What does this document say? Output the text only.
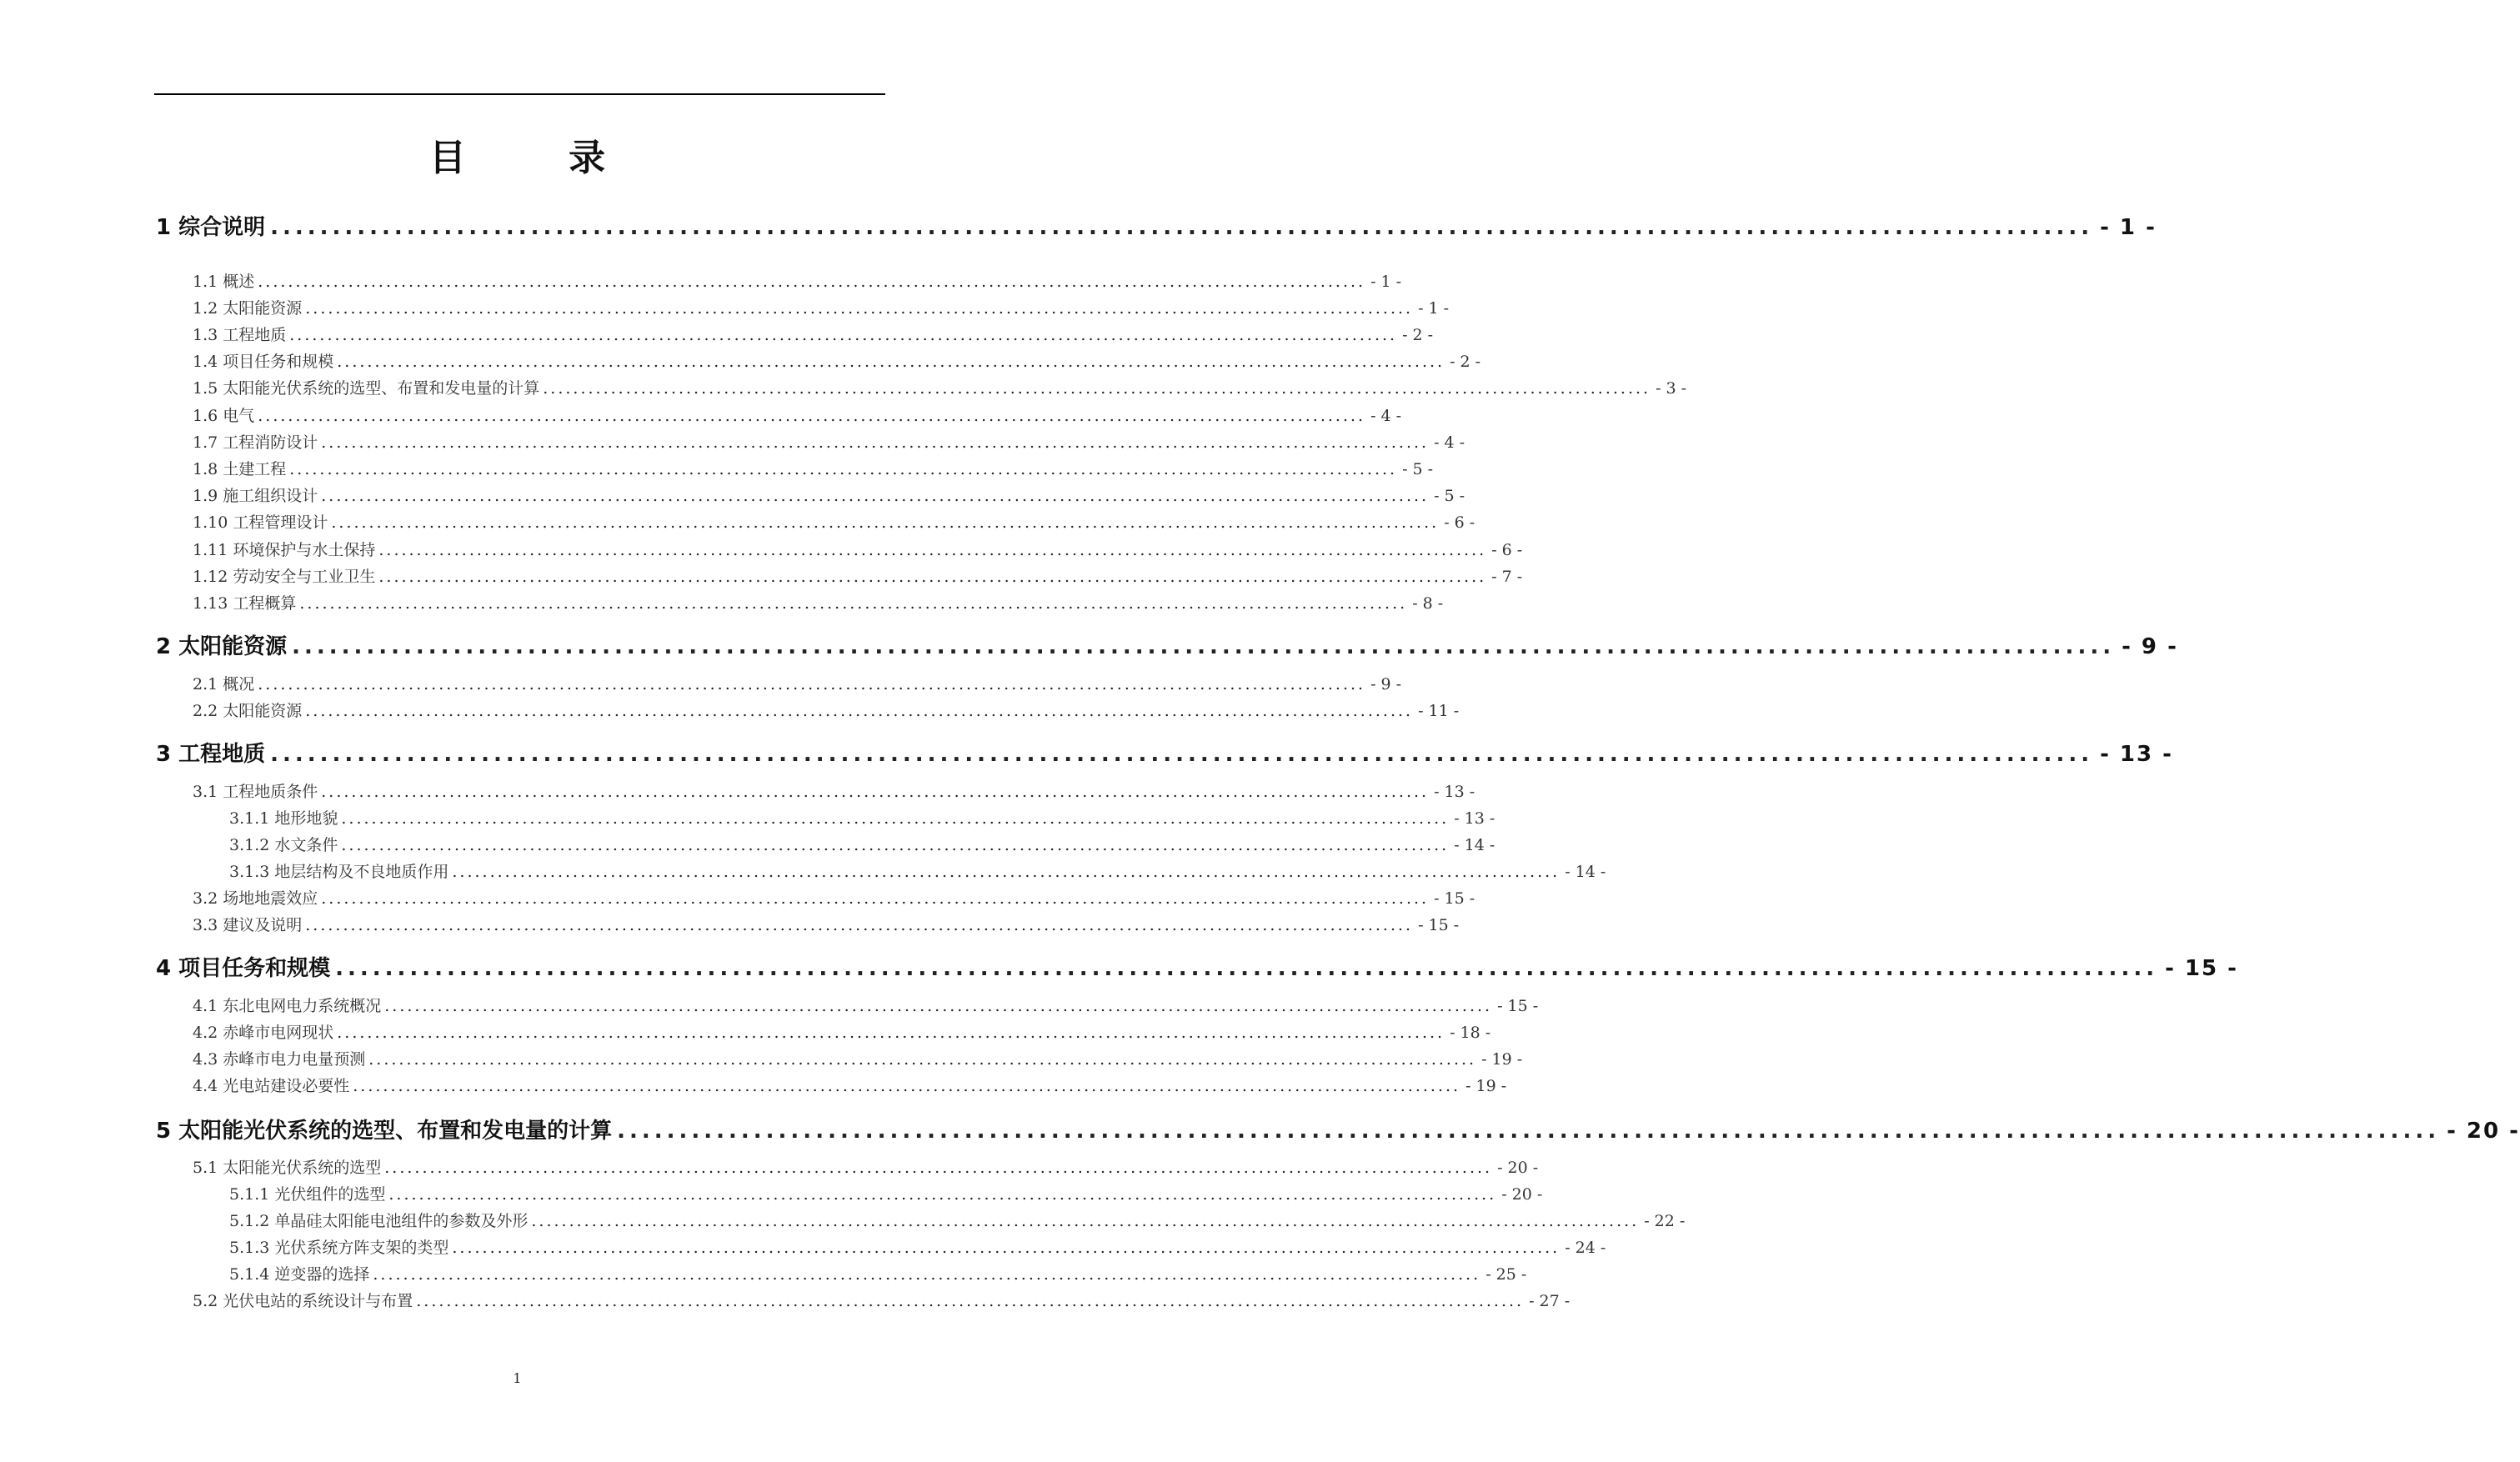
目　录
1 综合说明 ................................................................................................................................................... - 1 -
1.1 概述 ................................................................................................................................................... - 1 -
1.2 太阳能资源 ................................................................................................................................................... - 1 -
1.3 工程地质 ................................................................................................................................................... - 2 -
1.4 项目任务和规模 ................................................................................................................................................... - 2 -
1.5 太阳能光伏系统的选型、布置和发电量的计算 ................................................................................................................................................... - 3 -
1.6 电气 ................................................................................................................................................... - 4 -
1.7 工程消防设计 ................................................................................................................................................... - 4 -
1.8 土建工程 ................................................................................................................................................... - 5 -
1.9 施工组织设计 ................................................................................................................................................... - 5 -
1.10 工程管理设计 ................................................................................................................................................... - 6 -
1.11 环境保护与水土保持 ................................................................................................................................................... - 6 -
1.12 劳动安全与工业卫生 ................................................................................................................................................... - 7 -
1.13 工程概算 ................................................................................................................................................... - 8 -
2 太阳能资源 ................................................................................................................................................... - 9 -
2.1 概况 ................................................................................................................................................... - 9 -
2.2 太阳能资源 ................................................................................................................................................... - 11 -
3 工程地质 ................................................................................................................................................... - 13 -
3.1 工程地质条件 ................................................................................................................................................... - 13 -
3.1.1 地形地貌 ................................................................................................................................................... - 13 -
3.1.2 水文条件 ................................................................................................................................................... - 14 -
3.1.3 地层结构及不良地质作用 ................................................................................................................................................... - 14 -
3.2 场地地震效应 ................................................................................................................................................... - 15 -
3.3 建议及说明 ................................................................................................................................................... - 15 -
4 项目任务和规模 ................................................................................................................................................... - 15 -
4.1 东北电网电力系统概况 ................................................................................................................................................... - 15 -
4.2 赤峰市电网现状 ................................................................................................................................................... - 18 -
4.3 赤峰市电力电量预测 ................................................................................................................................................... - 19 -
4.4 光电站建设必要性 ................................................................................................................................................... - 19 -
5 太阳能光伏系统的选型、布置和发电量的计算 ................................................................................................................................................... - 20 -
5.1 太阳能光伏系统的选型 ................................................................................................................................................... - 20 -
5.1.1 光伏组件的选型 ................................................................................................................................................... - 20 -
5.1.2 单晶硅太阳能电池组件的参数及外形 ................................................................................................................................................... - 22 -
5.1.3 光伏系统方阵支架的类型 ................................................................................................................................................... - 24 -
5.1.4 逆变器的选择 ................................................................................................................................................... - 25 -
5.2 光伏电站的系统设计与布置 ................................................................................................................................................... - 27 -
1
